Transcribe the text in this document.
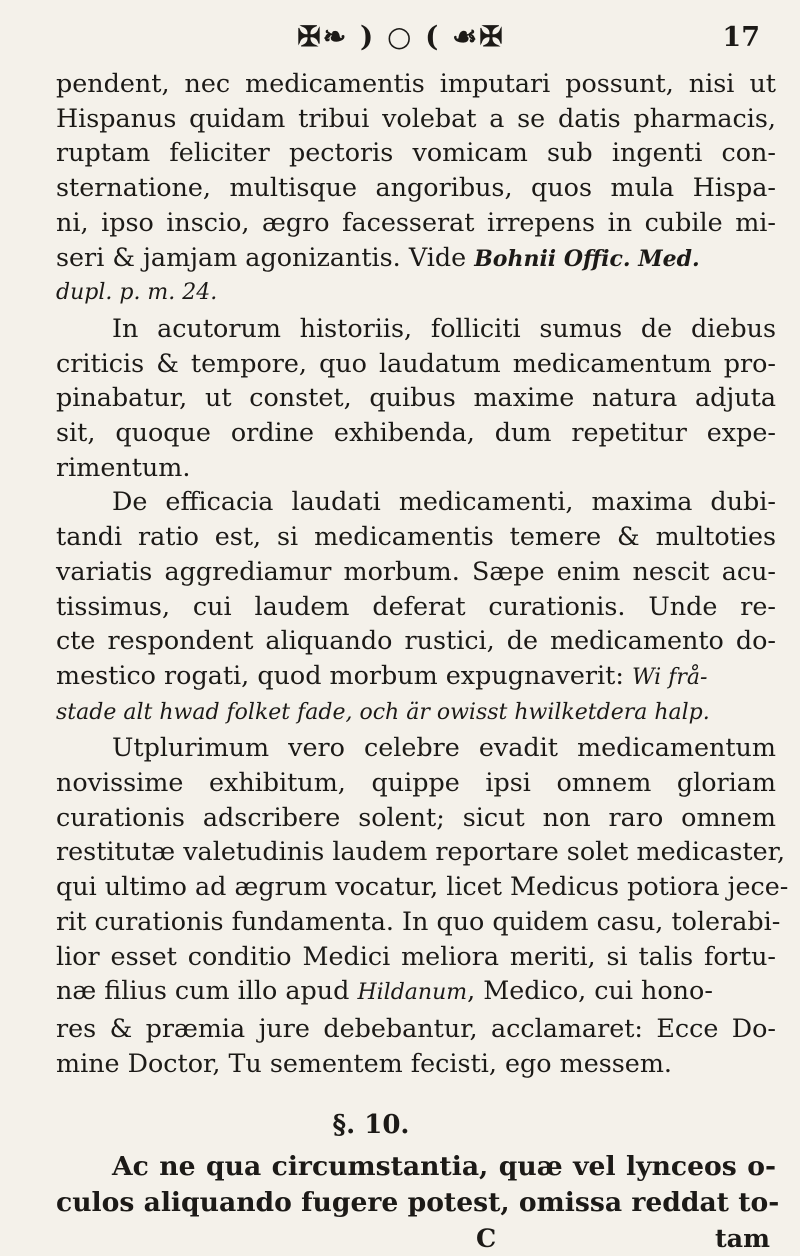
✠❧ ) ○ ( ☙✠	17
pendent, nec medicamentis imputari possunt, nisi ut
Hispanus quidam tribui volebat a se datis pharmacis,
ruptam feliciter pectoris vomicam sub ingenti con-
sternatione, multisque angoribus, quos mula Hispa-
ni, ipso inscio, ægro facesserat irrepens in cubile mi-
seri & jamjam agonizantis. Vide Bohnii Offic. Med.
dupl. p. m. 24.
In acutorum historiis, folliciti sumus de diebus
criticis & tempore, quo laudatum medicamentum pro-
pinabatur, ut constet, quibus maxime natura adjuta
sit, quoque ordine exhibenda, dum repetitur expe-
rimentum.
De efficacia laudati medicamenti, maxima dubi-
tandi ratio est, si medicamentis temere & multoties
variatis aggrediamur morbum. Sæpe enim nescit acu-
tissimus, cui laudem deferat curationis. Unde re-
cte respondent aliquando rustici, de medicamento do-
mestico rogati, quod morbum expugnaverit: Wi frå-
stade alt hwad folket fade, och är owisst hwilketdera halp.
Utplurimum vero celebre evadit medicamentum
novissime exhibitum, quippe ipsi omnem gloriam
curationis adscribere solent; sicut non raro omnem
restitutæ valetudinis laudem reportare solet medicaster,
qui ultimo ad ægrum vocatur, licet Medicus potiora jece-
rit curationis fundamenta. In quo quidem casu, tolerabi-
lior esset conditio Medici meliora meriti, si talis fortu-
næ filius cum illo apud Hildanum, Medico, cui hono-
res & præmia jure debebantur, acclamaret: Ecce Do-
mine Doctor, Tu sementem fecisti, ego messem.
§. 10.
Ac ne qua circumstantia, quæ vel lynceos o-
culos aliquando fugere potest, omissa reddat to-
C	tam
